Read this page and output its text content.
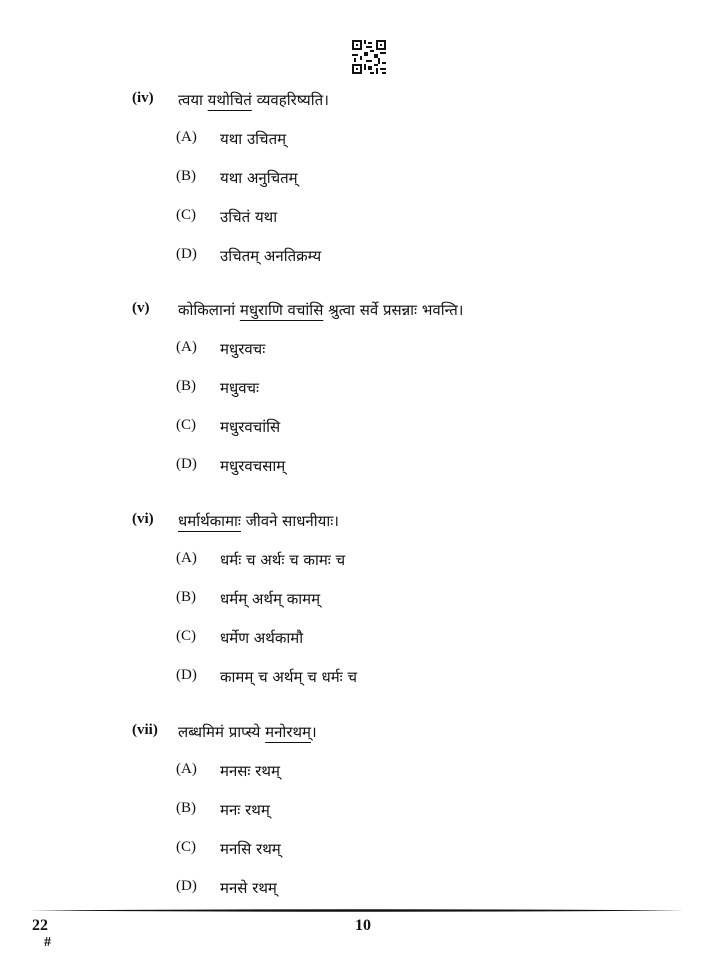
(iv) त्वया यथोचितं व्यवहरिष्यति।
(A) यथा उचितम्
(B) यथा अनुचितम्
(C) उचितं यथा
(D) उचितम् अनतिक्रम्य
(v) कोकिलानां मधुराणि वचांसि श्रुत्वा सर्वे प्रसन्नाः भवन्ति।
(A) मधुरवचः
(B) मधुवचः
(C) मधुरवचांसि
(D) मधुरवचसाम्
(vi) धर्मार्थकामाः जीवने साधनीयाः।
(A) धर्मः च अर्थः च कामः च
(B) धर्मम् अर्थम् कामम्
(C) धर्मेण अर्थकामौ
(D) कामम् च अर्थम् च धर्मः च
(vii) लब्धमिमं प्राप्स्ये मनोरथम्।
(A) मनसः रथम्
(B) मनः रथम्
(C) मनसि रथम्
(D) मनसे रथम्
22
#
10
